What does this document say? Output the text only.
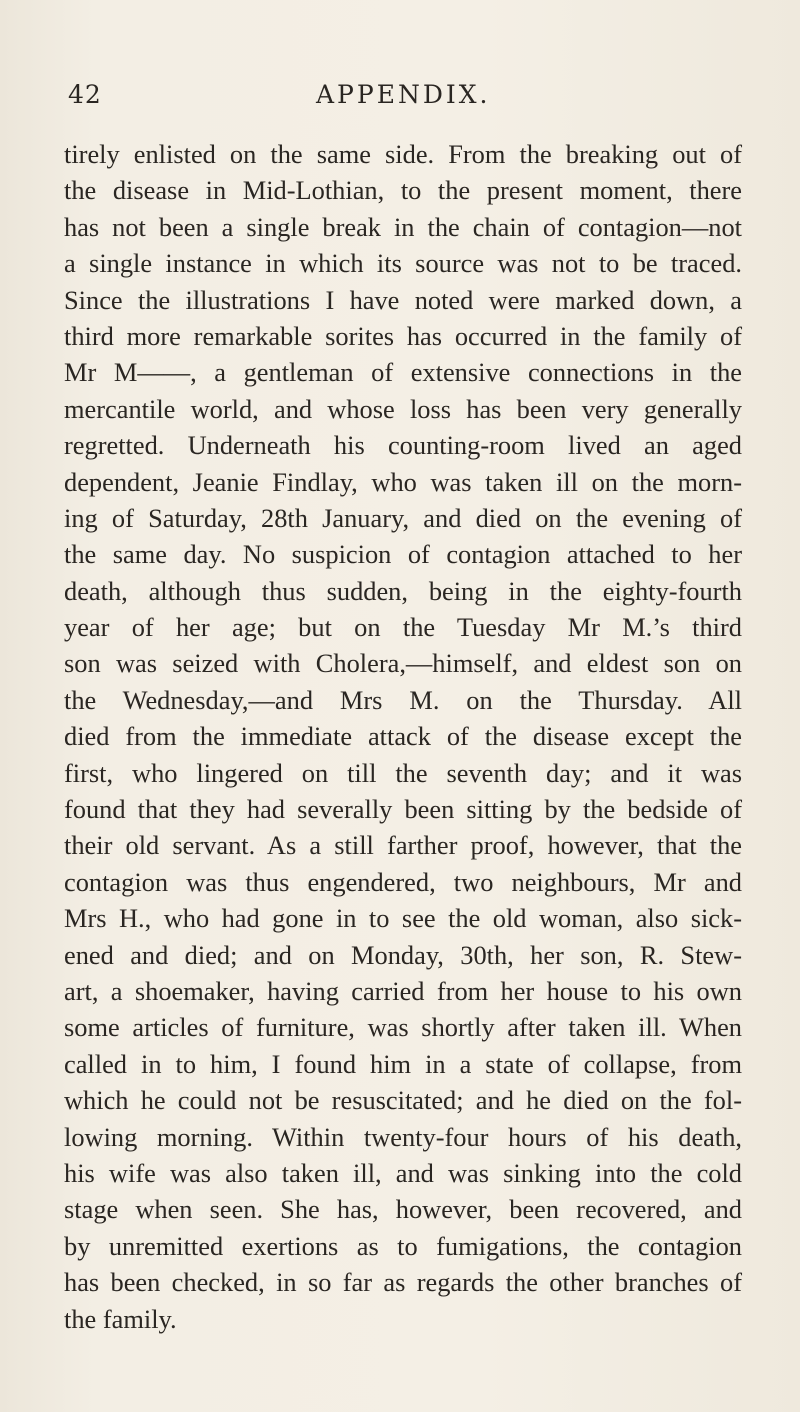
42	APPENDIX.
tirely enlisted on the same side. From the breaking out of
the disease in Mid-Lothian, to the present moment, there
has not been a single break in the chain of contagion—not
a single instance in which its source was not to be traced.
Since the illustrations I have noted were marked down, a
third more remarkable sorites has occurred in the family of
Mr M——, a gentleman of extensive connections in the
mercantile world, and whose loss has been very generally
regretted. Underneath his counting-room lived an aged
dependent, Jeanie Findlay, who was taken ill on the morn-
ing of Saturday, 28th January, and died on the evening of
the same day. No suspicion of contagion attached to her
death, although thus sudden, being in the eighty-fourth
year of her age; but on the Tuesday Mr M.’s third
son was seized with Cholera,—himself, and eldest son on
the Wednesday,—and Mrs M. on the Thursday. All
died from the immediate attack of the disease except the
first, who lingered on till the seventh day; and it was
found that they had severally been sitting by the bedside of
their old servant. As a still farther proof, however, that the
contagion was thus engendered, two neighbours, Mr and
Mrs H., who had gone in to see the old woman, also sick-
ened and died; and on Monday, 30th, her son, R. Stew-
art, a shoemaker, having carried from her house to his own
some articles of furniture, was shortly after taken ill. When
called in to him, I found him in a state of collapse, from
which he could not be resuscitated; and he died on the fol-
lowing morning. Within twenty-four hours of his death,
his wife was also taken ill, and was sinking into the cold
stage when seen. She has, however, been recovered, and
by unremitted exertions as to fumigations, the contagion
has been checked, in so far as regards the other branches of
the family.
